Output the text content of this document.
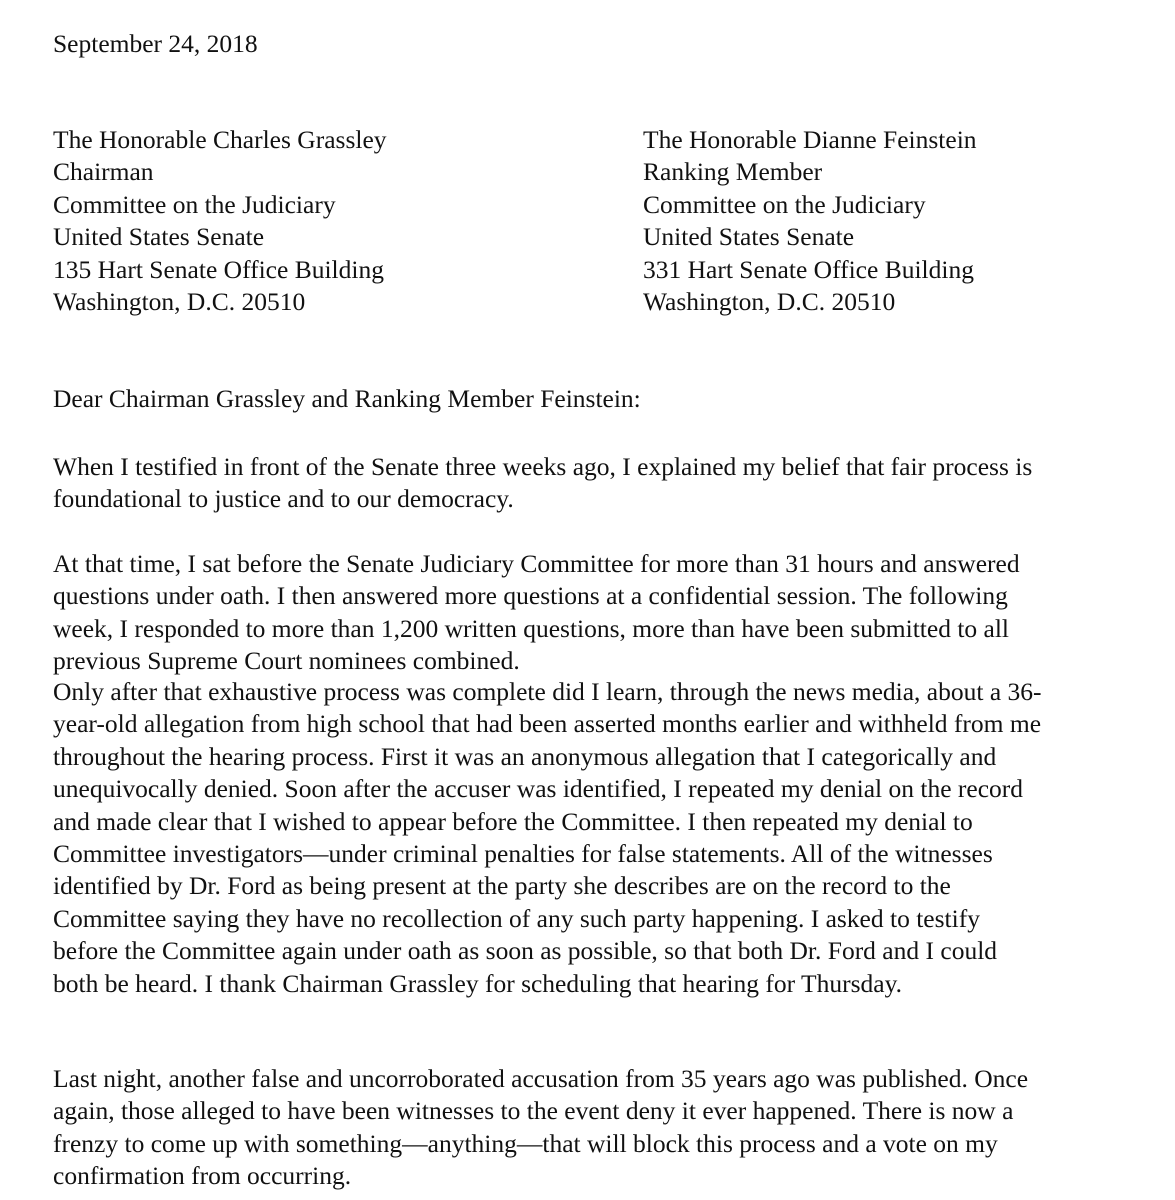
September 24, 2018
The Honorable Charles Grassley
Chairman
Committee on the Judiciary
United States Senate
135 Hart Senate Office Building
Washington, D.C. 20510
The Honorable Dianne Feinstein
Ranking Member
Committee on the Judiciary
United States Senate
331 Hart Senate Office Building
Washington, D.C. 20510
Dear Chairman Grassley and Ranking Member Feinstein:
When I testified in front of the Senate three weeks ago, I explained my belief that fair process is
foundational to justice and to our democracy.
At that time, I sat before the Senate Judiciary Committee for more than 31 hours and answered
questions under oath. I then answered more questions at a confidential session. The following
week, I responded to more than 1,200 written questions, more than have been submitted to all
previous Supreme Court nominees combined.
Only after that exhaustive process was complete did I learn, through the news media, about a 36-
year-old allegation from high school that had been asserted months earlier and withheld from me
throughout the hearing process. First it was an anonymous allegation that I categorically and
unequivocally denied. Soon after the accuser was identified, I repeated my denial on the record
and made clear that I wished to appear before the Committee. I then repeated my denial to
Committee investigators—under criminal penalties for false statements. All of the witnesses
identified by Dr. Ford as being present at the party she describes are on the record to the
Committee saying they have no recollection of any such party happening. I asked to testify
before the Committee again under oath as soon as possible, so that both Dr. Ford and I could
both be heard. I thank Chairman Grassley for scheduling that hearing for Thursday.
Last night, another false and uncorroborated accusation from 35 years ago was published. Once
again, those alleged to have been witnesses to the event deny it ever happened. There is now a
frenzy to come up with something—anything—that will block this process and a vote on my
confirmation from occurring.
